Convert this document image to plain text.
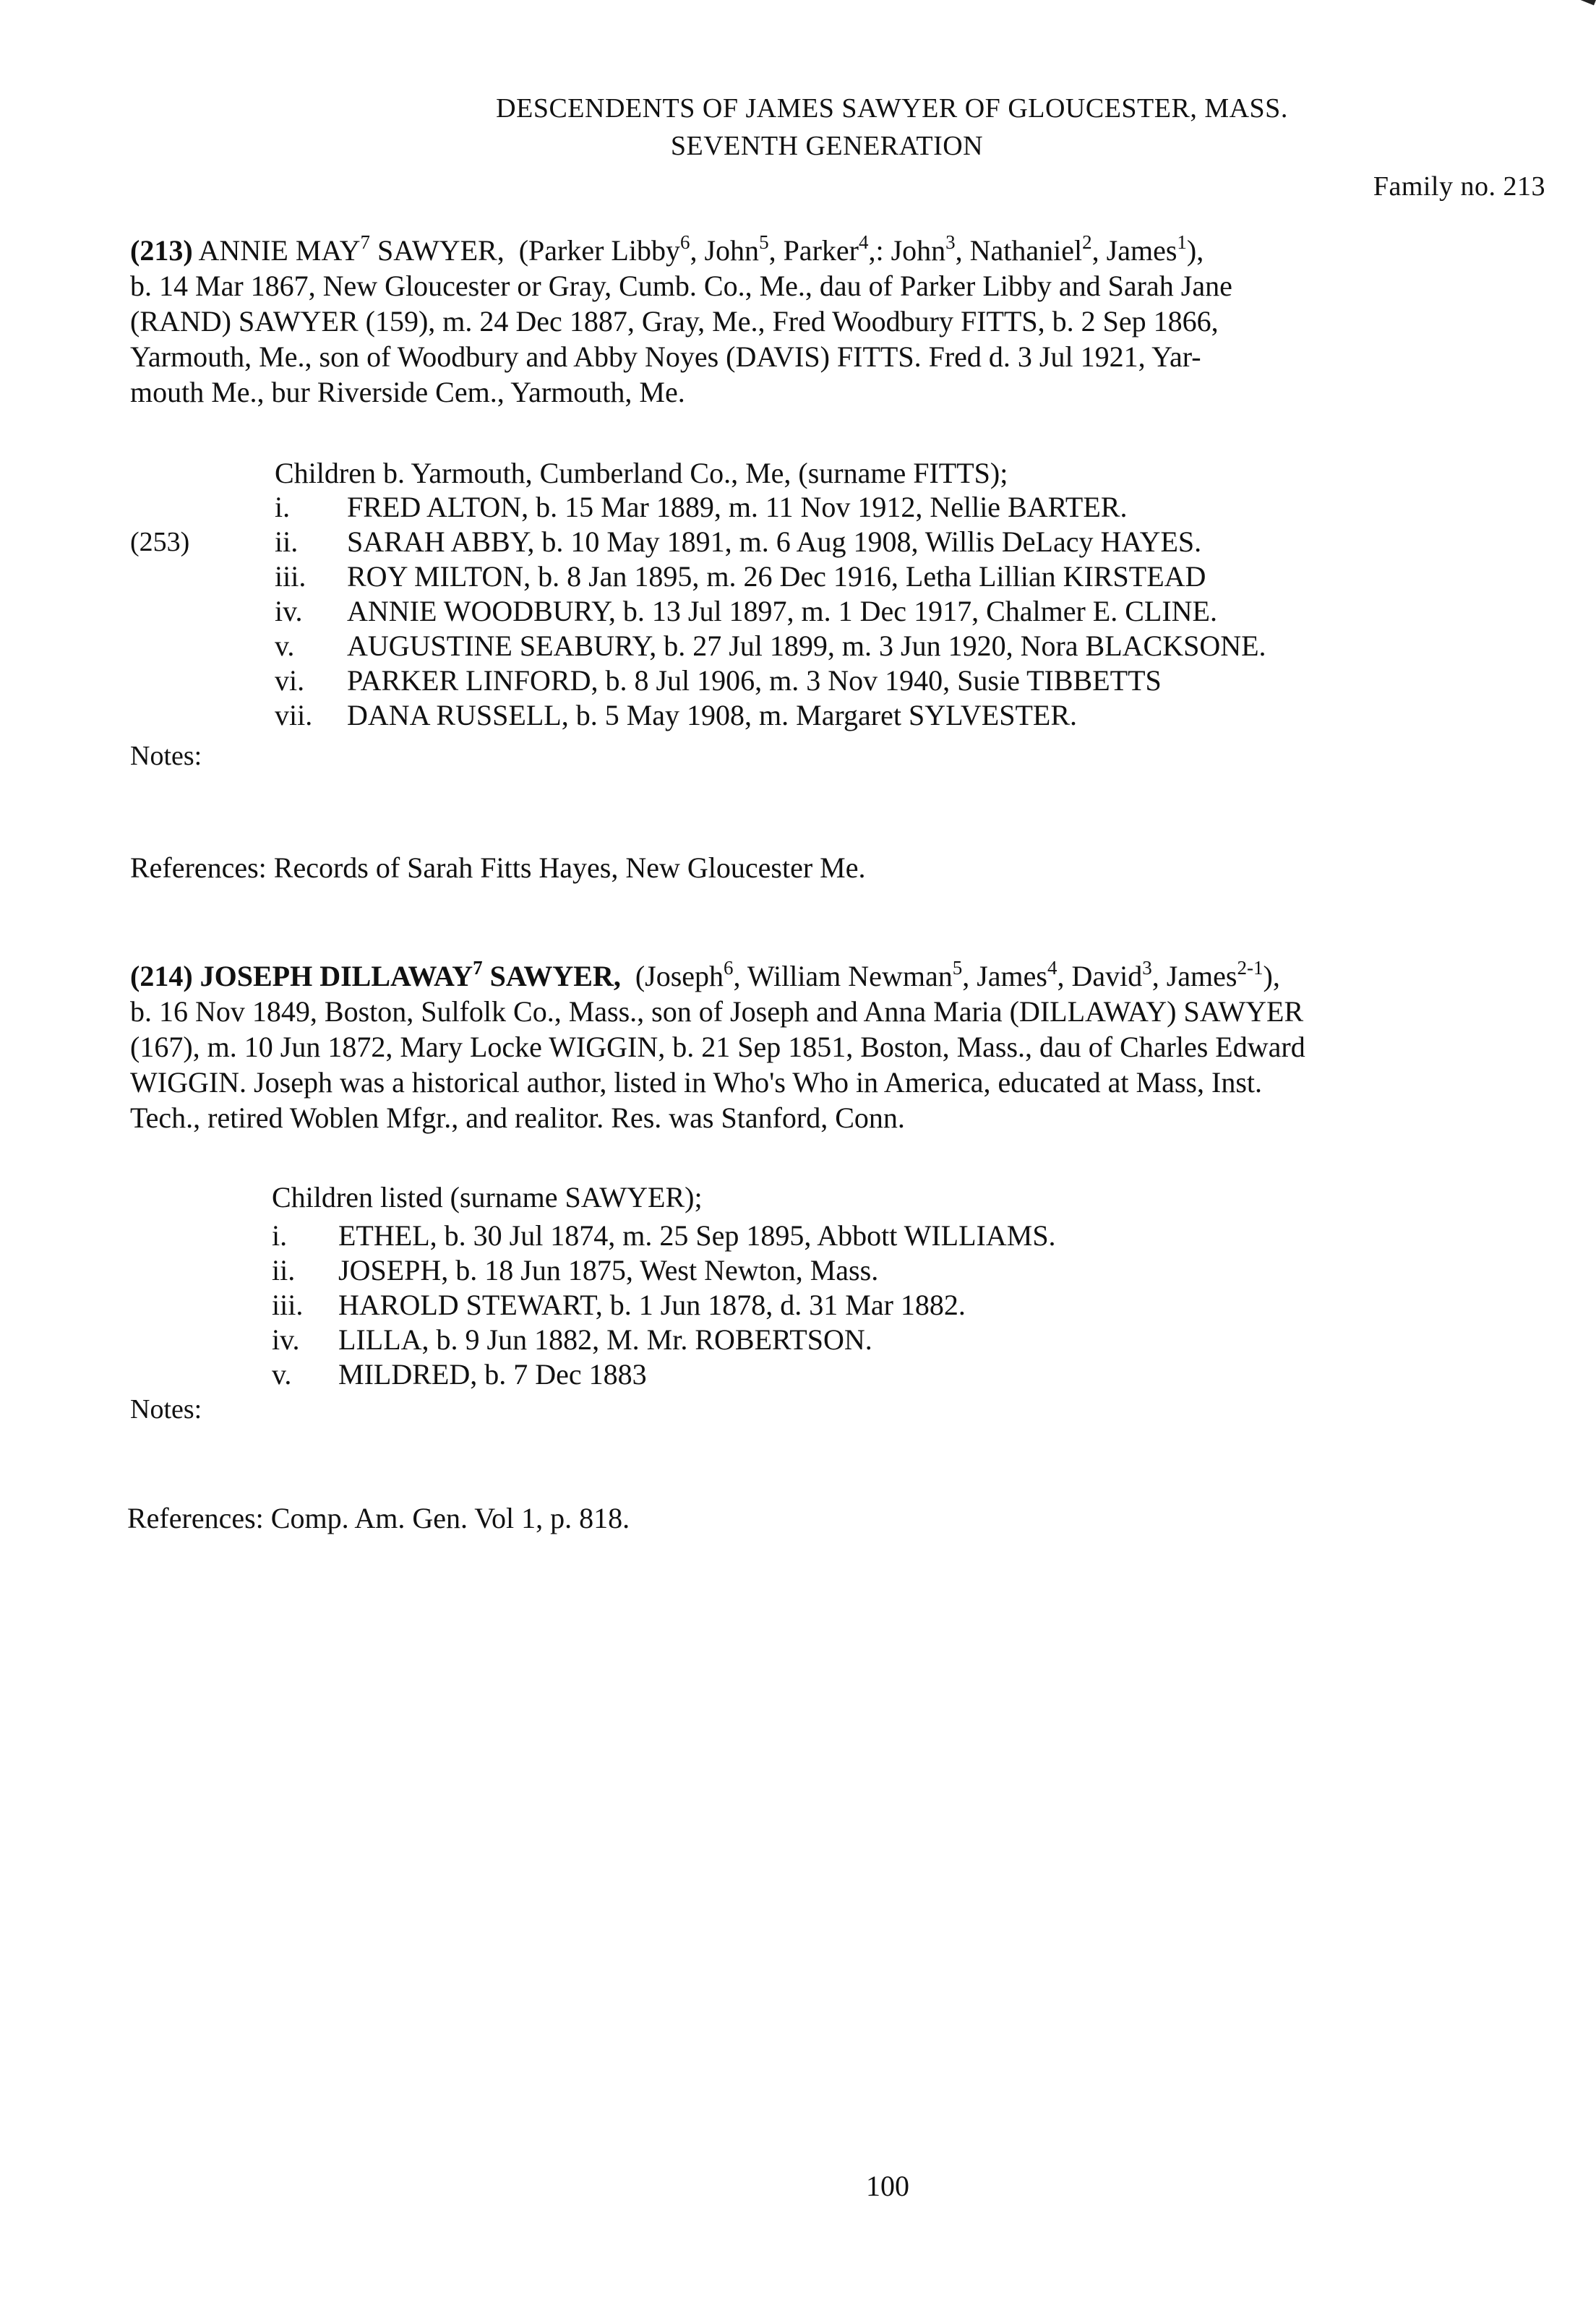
DESCENDENTS OF JAMES SAWYER OF GLOUCESTER, MASS.
SEVENTH GENERATION
Family no. 213

(213) ANNIE MAY$^7$ SAWYER, (Parker Libby$^6$, John$^5$, Parker$^4$,: John$^3$, Nathaniel$^2$, James$^1$),

b. 14 Mar 1867, New Gloucester or Gray, Cumb. Co., Me., dau of Parker Libby and Sarah Jane

(RAND) SAWYER (159), m. 24 Dec 1887, Gray, Me., Fred Woodbury FITTS, b. 2 Sep 1866,

Yarmouth, Me., son of Woodbury and Abby Noyes (DAVIS) FITTS. Fred d. 3 Jul 1921, Yar-

mouth Me., bur Riverside Cem., Yarmouth, Me.

Children b. Yarmouth, Cumberland Co., Me, (surname FITTS);
i. FRED ALTON, b. 15 Mar 1889, m. 11 Nov 1912, Nellie BARTER.
ii. SARAH ABBY, b. 10 May 1891, m. 6 Aug 1908, Willis DeLacy HAYES.
iii. ROY MILTON, b. 8 Jan 1895, m. 26 Dec 1916, Letha Lillian KIRSTEAD
iv. ANNIE WOODBURY, b. 13 Jul 1897, m. 1 Dec 1917, Chalmer E. CLINE.
v. AUGUSTINE SEABURY, b. 27 Jul 1899, m. 3 Jun 1920, Nora BLACKSONE.
vi. PARKER LINFORD, b. 8 Jul 1906, m. 3 Nov 1940, Susie TIBBETTS
vii. DANA RUSSELL, b. 5 May 1908, m. Margaret SYLVESTER.
(253)
Notes:
References: Records of Sarah Fitts Hayes, New Gloucester Me.

(214) JOSEPH DILLAWAY$^7$ SAWYER, (Joseph$^6$, William Newman$^5$, James$^4$, David$^3$, James$^{2-1}$),

b. 16 Nov 1849, Boston, Sulfolk Co., Mass., son of Joseph and Anna Maria (DILLAWAY) SAWYER

(167), m. 10 Jun 1872, Mary Locke WIGGIN, b. 21 Sep 1851, Boston, Mass., dau of Charles Edward

WIGGIN. Joseph was a historical author, listed in Who's Who in America, educated at Mass, Inst.

Tech., retired Woblen Mfgr., and realitor. Res. was Stanford, Conn.

Children listed (surname SAWYER);
i. ETHEL, b. 30 Jul 1874, m. 25 Sep 1895, Abbott WILLIAMS.
ii. JOSEPH, b. 18 Jun 1875, West Newton, Mass.
iii. HAROLD STEWART, b. 1 Jun 1878, d. 31 Mar 1882.
iv. LILLA, b. 9 Jun 1882, M. Mr. ROBERTSON.
v. MILDRED, b. 7 Dec 1883
Notes:
References: Comp. Am. Gen. Vol 1, p. 818.
100
